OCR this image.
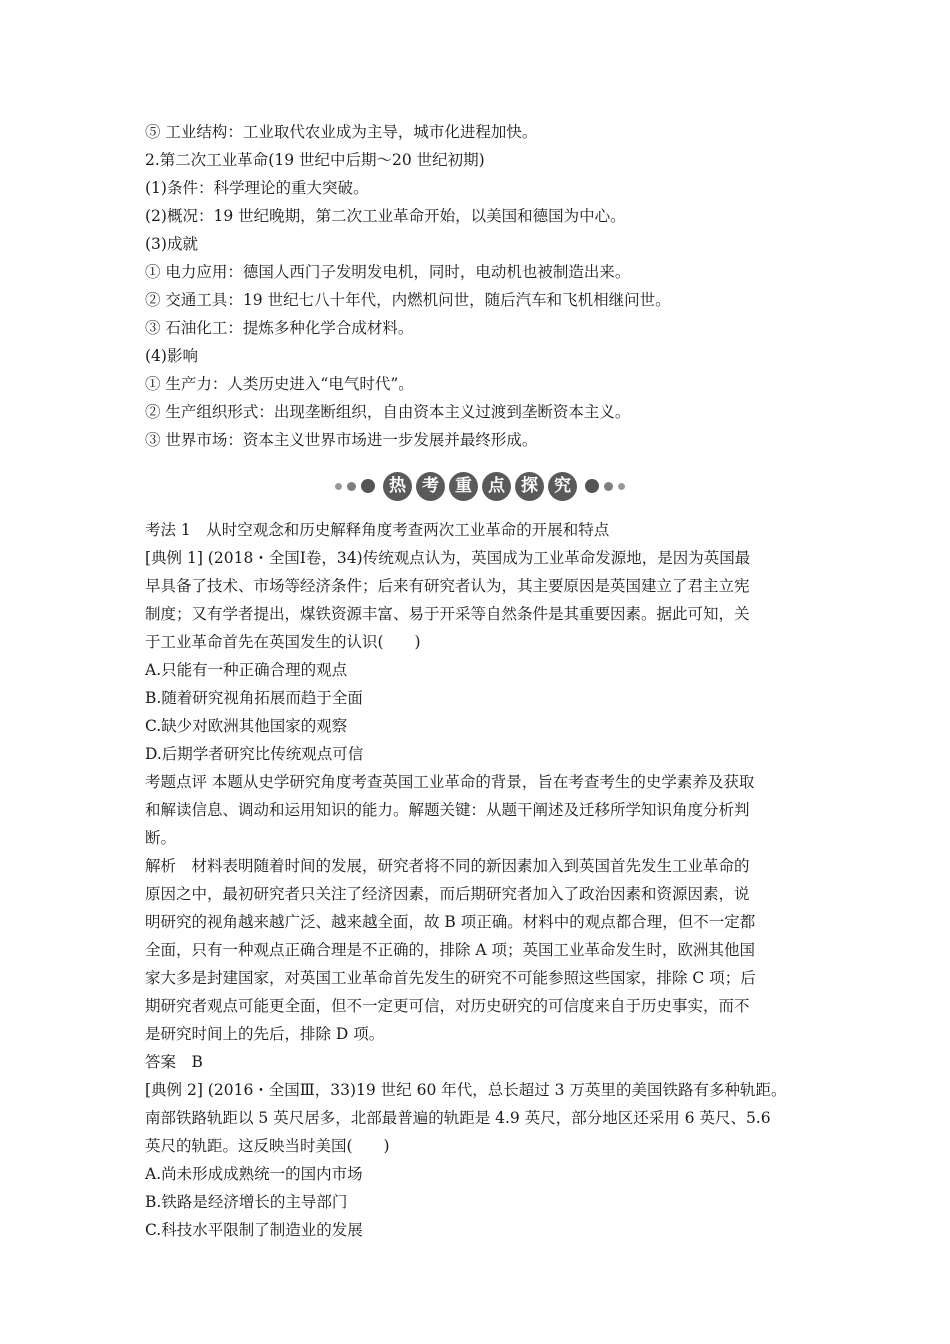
⑤ 工业结构：工业取代农业成为主导，城市化进程加快。
2.第二次工业革命(19 世纪中后期～20 世纪初期)
(1)条件：科学理论的重大突破。
(2)概况：19 世纪晚期，第二次工业革命开始，以美国和德国为中心。
(3)成就
① 电力应用：德国人西门子发明发电机，同时，电动机也被制造出来。
② 交通工具：19 世纪七八十年代，内燃机问世，随后汽车和飞机相继问世。
③ 石油化工：提炼多种化学合成材料。
(4)影响
① 生产力：人类历史进入“电气时代”。
② 生产组织形式：出现垄断组织，自由资本主义过渡到垄断资本主义。
③ 世界市场：资本主义世界市场进一步发展并最终形成。
热 考 重 点 探 究
考法 1　从时空观念和历史解释角度考查两次工业革命的开展和特点
[典例 1] (2018・全国Ⅰ卷，34)传统观点认为，英国成为工业革命发源地，是因为英国最
早具备了技术、市场等经济条件；后来有研究者认为，其主要原因是英国建立了君主立宪
制度；又有学者提出，煤铁资源丰富、易于开采等自然条件是其重要因素。据此可知，关
于工业革命首先在英国发生的认识(　　)
A.只能有一种正确合理的观点
B.随着研究视角拓展而趋于全面
C.缺少对欧洲其他国家的观察
D.后期学者研究比传统观点可信
考题点评 本题从史学研究角度考查英国工业革命的背景，旨在考查考生的史学素养及获取
和解读信息、调动和运用知识的能力。解题关键：从题干阐述及迁移所学知识角度分析判
断。
解析　材料表明随着时间的发展，研究者将不同的新因素加入到英国首先发生工业革命的
原因之中，最初研究者只关注了经济因素，而后期研究者加入了政治因素和资源因素，说
明研究的视角越来越广泛、越来越全面，故 B 项正确。材料中的观点都合理，但不一定都
全面，只有一种观点正确合理是不正确的，排除 A 项；英国工业革命发生时，欧洲其他国
家大多是封建国家，对英国工业革命首先发生的研究不可能参照这些国家，排除 C 项；后
期研究者观点可能更全面，但不一定更可信，对历史研究的可信度来自于历史事实，而不
是研究时间上的先后，排除 D 项。
答案　B
[典例 2] (2016・全国Ⅲ，33)19 世纪 60 年代，总长超过 3 万英里的美国铁路有多种轨距。
南部铁路轨距以 5 英尺居多，北部最普遍的轨距是 4.9 英尺，部分地区还采用 6 英尺、5.6
英尺的轨距。这反映当时美国(　　)
A.尚未形成成熟统一的国内市场
B.铁路是经济增长的主导部门
C.科技水平限制了制造业的发展
